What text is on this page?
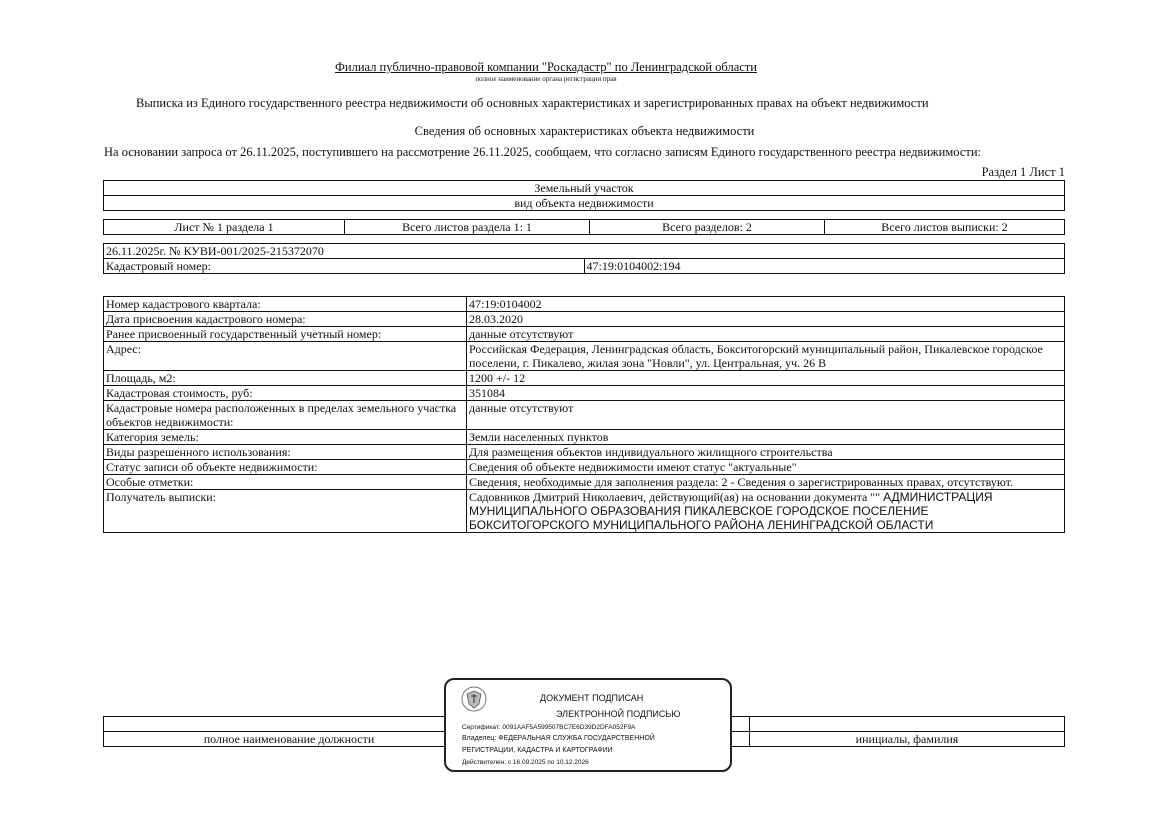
Филиал публично-правовой компании "Роскадастр" по Ленинградской области
полное наименование органа регистрации прав
Выписка из Единого государственного реестра недвижимости об основных характеристиках и зарегистрированных правах на объект недвижимости
Сведения об основных характеристиках объекта недвижимости
На основании запроса от 26.11.2025, поступившего на рассмотрение 26.11.2025, сообщаем, что согласно записям Единого государственного реестра недвижимости:
Раздел 1 Лист 1
Земельный участок
вид объекта недвижимости
Лист № 1 раздела 1	Всего листов раздела 1: 1	Всего разделов: 2	Всего листов выписки: 2
26.11.2025г. № КУВИ-001/2025-215372070
Кадастровый номер:	47:19:0104002:194
Номер кадастрового квартала:	47:19:0104002
Дата присвоения кадастрового номера:	28.03.2020
Ранее присвоенный государственный учетный номер:	данные отсутствуют
Адрес:	Российская Федерация, Ленинградская область, Бокситогорский муниципальный район, Пикалевское городское поселени, г. Пикалево, жилая зона "Новли", ул. Центральная, уч. 26 В
Площадь, м2:	1200 +/- 12
Кадастровая стоимость, руб:	351084
Кадастровые номера расположенных в пределах земельного участка объектов недвижимости:	данные отсутствуют
Категория земель:	Земли населенных пунктов
Виды разрешенного использования:	Для размещения объектов индивидуального жилищного строительства
Статус записи об объекте недвижимости:	Сведения об объекте недвижимости имеют статус "актуальные"
Особые отметки:	Сведения, необходимые для заполнения раздела: 2 - Сведения о зарегистрированных правах, отсутствуют.
Получатель выписки:	Садовников Дмитрий Николаевич, действующий(ая) на основании документа "" АДМИНИСТРАЦИЯ
МУНИЦИПАЛЬНОГО ОБРАЗОВАНИЯ ПИКАЛЕВСКОЕ ГОРОДСКОЕ ПОСЕЛЕНИЕ
БОКСИТОГОРСКОГО МУНИЦИПАЛЬНОГО РАЙОНА ЛЕНИНГРАДСКОЙ ОБЛАСТИ

полное наименование должности		инициалы, фамилия
ДОКУМЕНТ ПОДПИСАН
ЭЛЕКТРОННОЙ ПОДПИСЬЮ
Сертификат: 0091AAF5A599507BC7E6D39D2DFA052F9A
Владелец: ФЕДЕРАЛЬНАЯ СЛУЖБА ГОСУДАРСТВЕННОЙ
РЕГИСТРАЦИИ, КАДАСТРА И КАРТОГРАФИИ
Действителен: с 16.09.2025 по 10.12.2026
